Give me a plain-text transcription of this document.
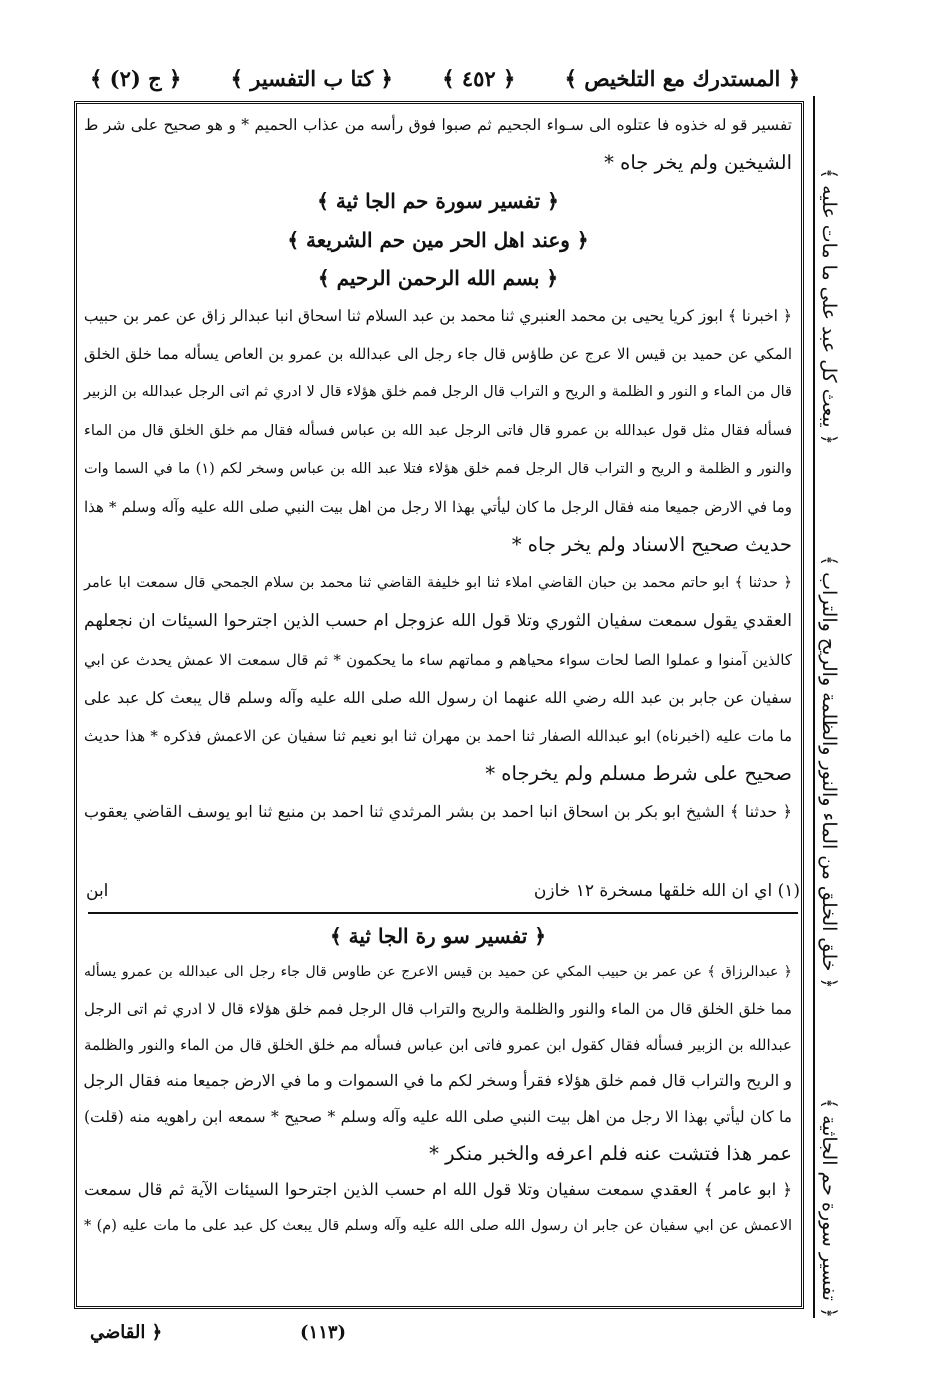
﴿ المستدرك مع التلخيص ﴾
﴿ ٤٥٢ ﴾
﴿ كتا ب التفسير ﴾
﴿ ج (٢) ﴾
تفسير قو له خذوه فا عتلوه الى سـواء الجحيم ثم صبوا فوق رأسه من عذاب الحميم * و هو صحيح على شر ط
الشيخين ولم يخر جاه *
﴿ تفسير سورة حم الجا ثية ﴾
﴿ وعند اهل الحر مين حم الشريعة ﴾
﴿ بسم الله الرحمن الرحيم ﴾
﴿ اخبرنا ﴾ ابوز كريا يحيى بن محمد العنبري ثنا محمد بن عبد السلام ثنا اسحاق انبا عبدالر زاق عن عمر بن حبيب
المكي عن حميد بن قيس الا عرج عن طاؤس قال جاء رجل الى عبدالله بن عمرو بن العاص يسأله مما خلق الخلق
قال من الماء و النور و الظلمة و الريح و التراب قال الرجل فمم خلق هؤلاء قال لا ادري ثم اتى الرجل عبدالله بن الزبير
فسأله فقال مثل قول عبدالله بن عمرو قال فاتى الرجل عبد الله بن عباس فسأله فقال مم خلق الخلق قال من الماء
والنور و الظلمة و الريح و التراب قال الرجل فمم خلق هؤلاء فتلا عبد الله بن عباس وسخر لكم (١) ما في السما وات
وما في الارض جميعا منه فقال الرجل ما كان ليأتي بهذا الا رجل من اهل بيت النبي صلى الله عليه وآله وسلم * هذا
حديث صحيح الاسناد ولم يخر جاه *
﴿ حدثنا ﴾ ابو حاتم محمد بن حبان القاضي املاء ثنا ابو خليفة القاضي ثنا محمد بن سلام الجمحي قال سمعت ابا عامر
العقدي يقول سمعت سفيان الثوري وتلا قول الله عزوجل ام حسب الذين اجترحوا السيئات ان نجعلهم
كالذين آمنوا و عملوا الصا لحات سواء محياهم و مماتهم ساء ما يحكمون * ثم قال سمعت الا عمش يحدث عن ابي
سفيان عن جابر بن عبد الله رضي الله عنهما ان رسول الله صلى الله عليه وآله وسلم قال يبعث كل عبد على
ما مات عليه (اخبرناه) ابو عبدالله الصفار ثنا احمد بن مهران ثنا ابو نعيم ثنا سفيان عن الاعمش فذكره * هذا حديث
صحيح على شرط مسلم ولم يخرجاه *
﴿ حدثنا ﴾ الشيخ ابو بكر بن اسحاق انبا احمد بن بشر المرثدي ثنا احمد بن منيع ثنا ابو يوسف القاضي يعقوب
(١) اي ان الله خلقها مسخرة ١٢ خازن
ابن
﴿ تفسير سو رة الجا ثية ﴾
﴿ عبدالرزاق ﴾ عن عمر بن حبيب المكي عن حميد بن قيس الاعرج عن طاوس قال جاء رجل الى عبدالله بن عمرو يسأله
مما خلق الخلق قال من الماء والنور والظلمة والريح والتراب قال الرجل فمم خلق هؤلاء قال لا ادري ثم اتى الرجل
عبدالله بن الزبير فسأله فقال كقول ابن عمرو فاتى ابن عباس فسأله مم خلق الخلق قال من الماء والنور والظلمة
و الريح والتراب قال فمم خلق هؤلاء فقرأ وسخر لكم ما في السموات و ما في الارض جميعا منه فقال الرجل
ما كان ليأتي بهذا الا رجل من اهل بيت النبي صلى الله عليه وآله وسلم * صحيح * سمعه ابن راهويه منه (قلت)
عمر هذا فتشت عنه فلم اعرفه والخبر منكر *
﴿ ابو عامر ﴾ العقدي سمعت سفيان وتلا قول الله ام حسب الذين اجترحوا السيئات الآية ثم قال سمعت
الاعمش عن ابي سفيان عن جابر ان رسول الله صلى الله عليه وآله وسلم قال يبعث كل عبد على ما مات عليه (م) *	﴿ تفسير سورة حم الجاثية ﴾
﴿ خلق الخلق من الماء والنور والظلمة والريح والتراب ﴾
﴿ يبعث كل عبد على ما مات عليه ﴾
(١١٣)
﴿ القاضي
